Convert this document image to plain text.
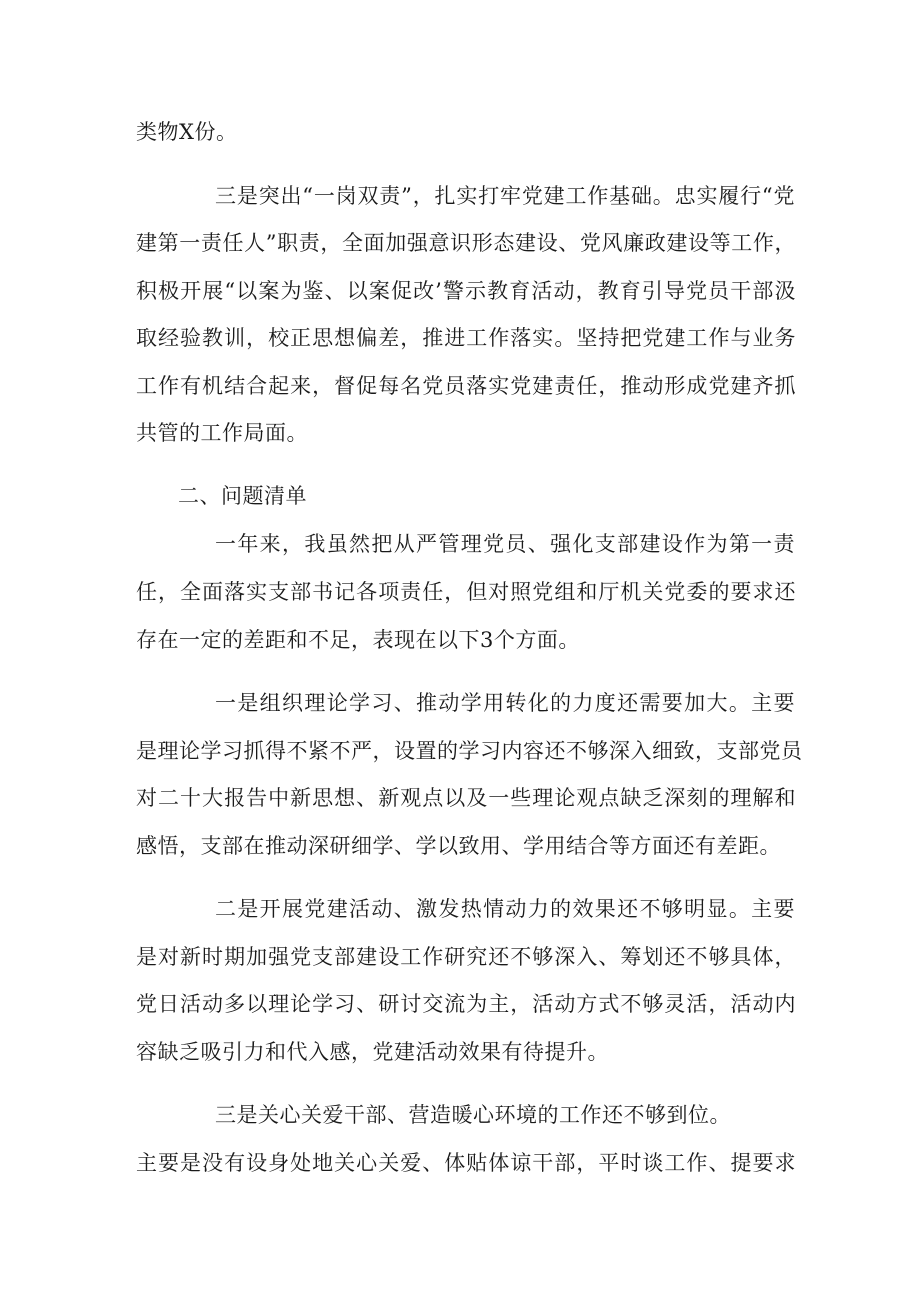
类物X份。
三是突出“一岗双责”，扎实打牢党建工作基础。忠实履行“党
建第一责任人”职责，全面加强意识形态建设、党风廉政建设等工作，
积极开展“以案为鉴、以案促改’警示教育活动，教育引导党员干部汲
取经验教训，校正思想偏差，推进工作落实。坚持把党建工作与业务
工作有机结合起来，督促每名党员落实党建责任，推动形成党建齐抓
共管的工作局面。
二、问题清单
一年来，我虽然把从严管理党员、强化支部建设作为第一责
任，全面落实支部书记各项责任，但对照党组和厅机关党委的要求还
存在一定的差距和不足，表现在以下3个方面。
一是组织理论学习、推动学用转化的力度还需要加大。主要
是理论学习抓得不紧不严，设置的学习内容还不够深入细致，支部党员
对二十大报告中新思想、新观点以及一些理论观点缺乏深刻的理解和
感悟，支部在推动深研细学、学以致用、学用结合等方面还有差距。
二是开展党建活动、激发热情动力的效果还不够明显。主要
是对新时期加强党支部建设工作研究还不够深入、筹划还不够具体，
党日活动多以理论学习、研讨交流为主，活动方式不够灵活，活动内
容缺乏吸引力和代入感，党建活动效果有待提升。
三是关心关爱干部、营造暖心环境的工作还不够到位。
主要是没有设身处地关心关爱、体贴体谅干部，平时谈工作、提要求
